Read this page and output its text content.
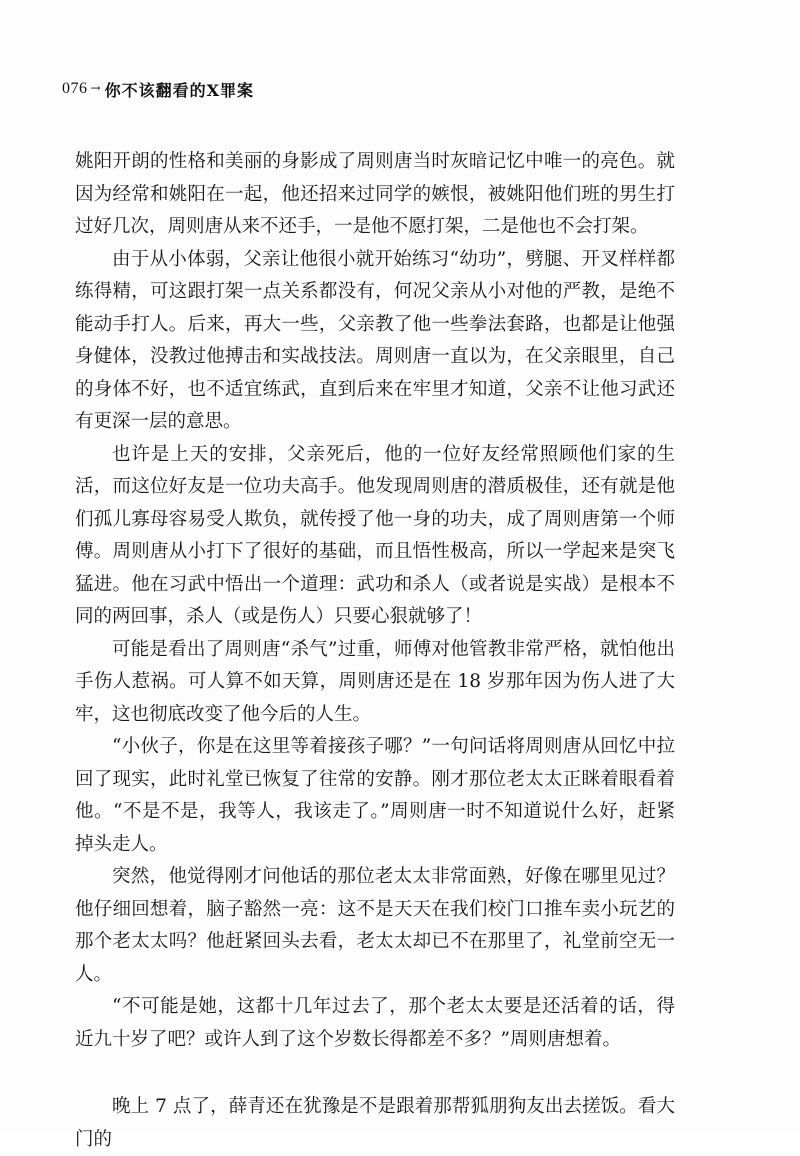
076 → 你不该翻看的X罪案

姚阳开朗的性格和美丽的身影成了周则唐当时灰暗记忆中唯一的亮色。就因为经常和姚阳在一起，他还招来过同学的嫉恨，被姚阳他们班的男生打过好几次，周则唐从来不还手，一是他不愿打架，二是他也不会打架。

由于从小体弱，父亲让他很小就开始练习“幼功”，劈腿、开叉样样都练得精，可这跟打架一点关系都没有，何况父亲从小对他的严教，是绝不能动手打人。后来，再大一些，父亲教了他一些拳法套路，也都是让他强身健体，没教过他搏击和实战技法。周则唐一直以为，在父亲眼里，自己的身体不好，也不适宜练武，直到后来在牢里才知道，父亲不让他习武还有更深一层的意思。

也许是上天的安排，父亲死后，他的一位好友经常照顾他们家的生活，而这位好友是一位功夫高手。他发现周则唐的潜质极佳，还有就是他们孤儿寡母容易受人欺负，就传授了他一身的功夫，成了周则唐第一个师傅。周则唐从小打下了很好的基础，而且悟性极高，所以一学起来是突飞猛进。他在习武中悟出一个道理：武功和杀人（或者说是实战）是根本不同的两回事，杀人（或是伤人）只要心狠就够了！

可能是看出了周则唐“杀气”过重，师傅对他管教非常严格，就怕他出手伤人惹祸。可人算不如天算，周则唐还是在 18 岁那年因为伤人进了大牢，这也彻底改变了他今后的人生。

“小伙子，你是在这里等着接孩子哪？”一句问话将周则唐从回忆中拉回了现实，此时礼堂已恢复了往常的安静。刚才那位老太太正眯着眼看着他。“不是不是，我等人，我该走了。”周则唐一时不知道说什么好，赶紧掉头走人。

突然，他觉得刚才问他话的那位老太太非常面熟，好像在哪里见过？他仔细回想着，脑子豁然一亮：这不是天天在我们校门口推车卖小玩艺的那个老太太吗？他赶紧回头去看，老太太却已不在那里了，礼堂前空无一人。

“不可能是她，这都十几年过去了，那个老太太要是还活着的话，得近九十岁了吧？或许人到了这个岁数长得都差不多？”周则唐想着。

晚上 7 点了，薛青还在犹豫是不是跟着那帮狐朋狗友出去搓饭。看大门的
